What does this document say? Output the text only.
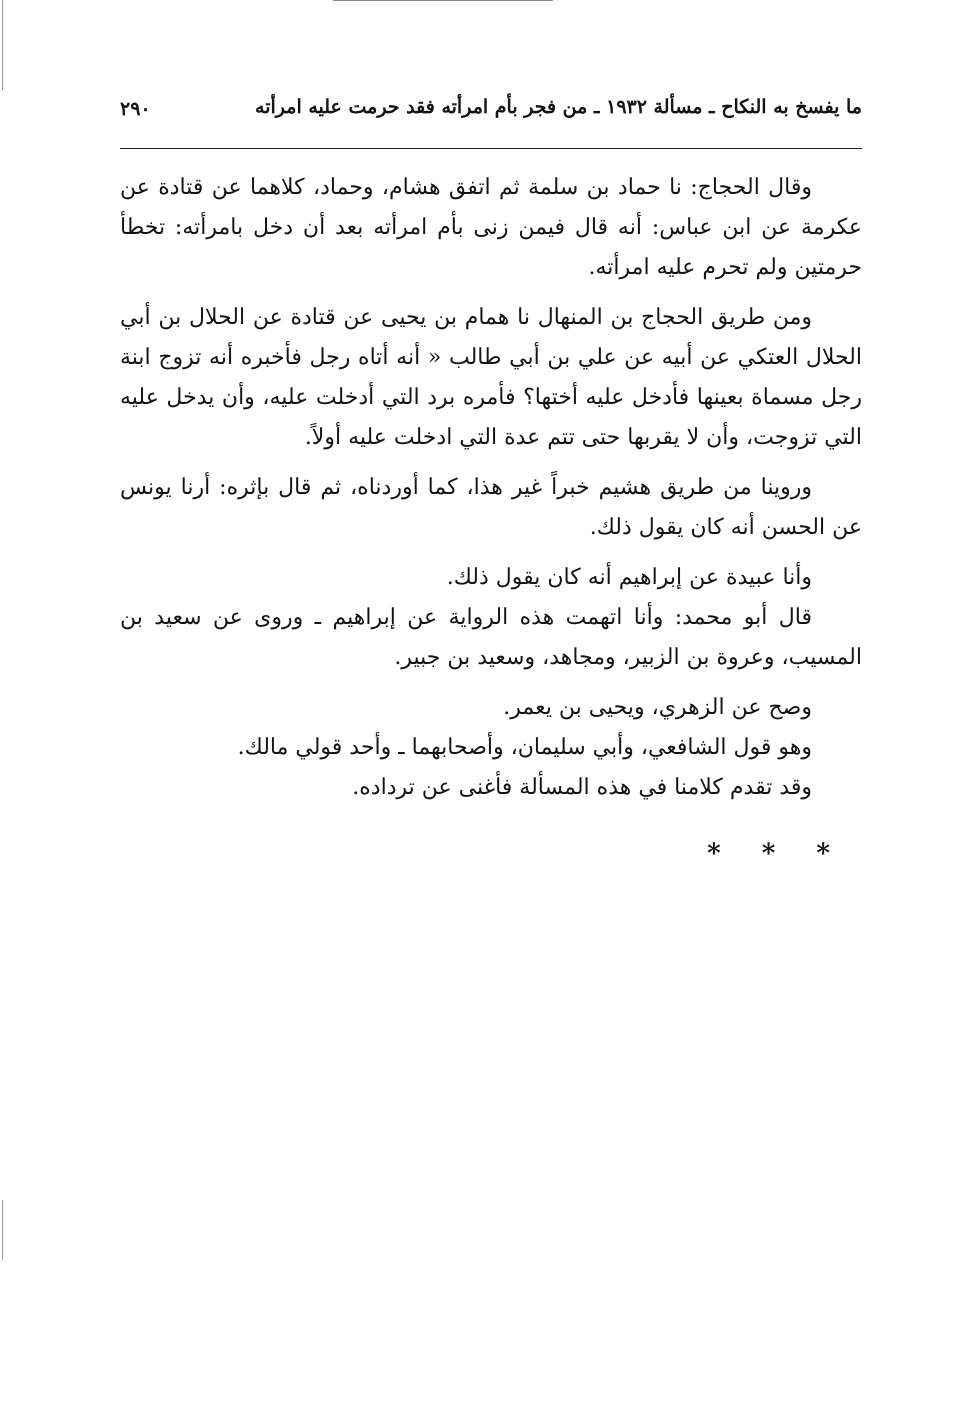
ما يفسخ به النكاح ـ مسألة ١٩٣٢ ـ من فجر بأم امرأته فقد حرمت عليه امرأته
٢٩٠

وقال الحجاج: نا حماد بن سلمة ثم اتفق هشام، وحماد، كلاهما عن قتادة عن عكرمة عن ابن عباس: أنه قال فيمن زنى بأم امرأته بعد أن دخل بامرأته: تخطأ حرمتين ولم تحرم عليه امرأته.

ومن طريق الحجاج بن المنهال نا همام بن يحيى عن قتادة عن الحلال بن أبي الحلال العتكي عن أبيه عن علي بن أبي طالب « أنه أتاه رجل فأخبره أنه تزوج ابنة رجل مسماة بعينها فأدخل عليه أختها؟ فأمره برد التي أدخلت عليه، وأن يدخل عليه التي تزوجت، وأن لا يقربها حتى تتم عدة التي ادخلت عليه أولاً.

وروينا من طريق هشيم خبراً غير هذا، كما أوردناه، ثم قال بإثره: أرنا يونس عن الحسن أنه كان يقول ذلك.

وأنا عبيدة عن إبراهيم أنه كان يقول ذلك.

قال أبو محمد: وأنا اتهمت هذه الرواية عن إبراهيم ـ وروى عن سعيد بن المسيب، وعروة بن الزبير، ومجاهد، وسعيد بن جبير.

وصح عن الزهري، ويحيى بن يعمر.

وهو قول الشافعي، وأبي سليمان، وأصحابهما ـ وأحد قولي مالك.

وقد تقدم كلامنا في هذه المسألة فأغنى عن ترداده.

* * *
